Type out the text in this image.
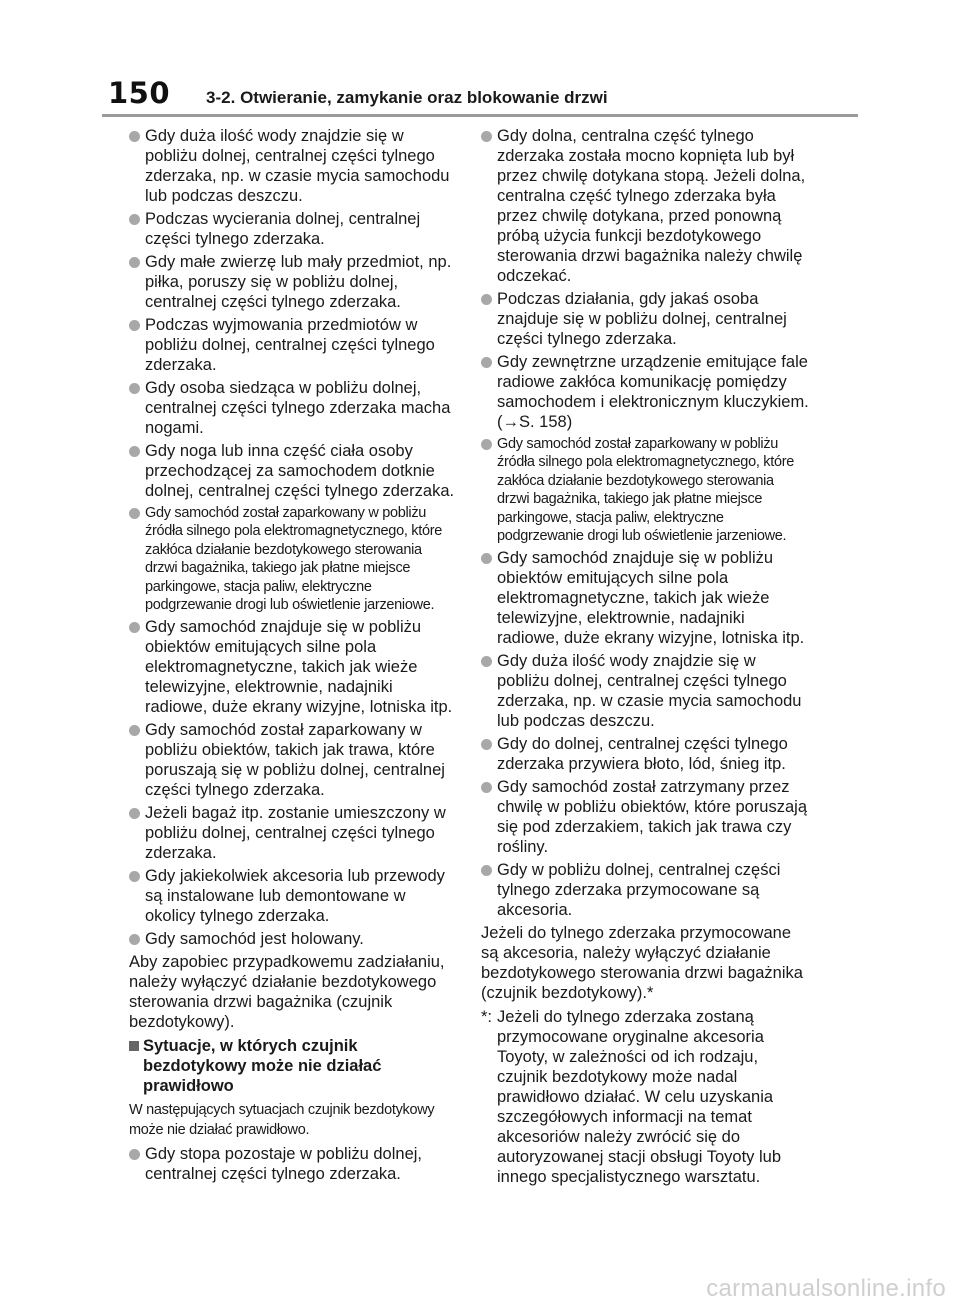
150 3-2. Otwieranie, zamykanie oraz blokowanie drzwi
Gdy duża ilość wody znajdzie się w pobliżu dolnej, centralnej części tylnego zderzaka, np. w czasie mycia samochodu lub podczas deszczu.
Podczas wycierania dolnej, centralnej części tylnego zderzaka.
Gdy małe zwierzę lub mały przedmiot, np. piłka, poruszy się w pobliżu dolnej, centralnej części tylnego zderzaka.
Podczas wyjmowania przedmiotów w pobliżu dolnej, centralnej części tylnego zderzaka.
Gdy osoba siedząca w pobliżu dolnej, centralnej części tylnego zderzaka macha nogami.
Gdy noga lub inna część ciała osoby przechodzącej za samochodem dotknie dolnej, centralnej części tylnego zderzaka.
Gdy samochód został zaparkowany w pobliżu źródła silnego pola elektromagnetycznego, które zakłóca działanie bezdotykowego sterowania drzwi bagażnika, takiego jak płatne miejsce parkingowe, stacja paliw, elektryczne podgrzewanie drogi lub oświetlenie jarzeniowe.
Gdy samochód znajduje się w pobliżu obiektów emitujących silne pola elektromagnetyczne, takich jak wieże telewizyjne, elektrownie, nadajniki radiowe, duże ekrany wizyjne, lotniska itp.
Gdy samochód został zaparkowany w pobliżu obiektów, takich jak trawa, które poruszają się w pobliżu dolnej, centralnej części tylnego zderzaka.
Jeżeli bagaż itp. zostanie umieszczony w pobliżu dolnej, centralnej części tylnego zderzaka.
Gdy jakiekolwiek akcesoria lub przewody są instalowane lub demontowane w okolicy tylnego zderzaka.
Gdy samochód jest holowany.
Aby zapobiec przypadkowemu zadziałaniu, należy wyłączyć działanie bezdotykowego sterowania drzwi bagażnika (czujnik bezdotykowy).
Sytuacje, w których czujnik bezdotykowy może nie działać prawidłowo
W następujących sytuacjach czujnik bezdotykowy może nie działać prawidłowo.
Gdy stopa pozostaje w pobliżu dolnej, centralnej części tylnego zderzaka.
Gdy dolna, centralna część tylnego zderzaka została mocno kopnięta lub był przez chwilę dotykana stopą. Jeżeli dolna, centralna część tylnego zderzaka była przez chwilę dotykana, przed ponowną próbą użycia funkcji bezdotykowego sterowania drzwi bagażnika należy chwilę odczekać.
Podczas działania, gdy jakaś osoba znajduje się w pobliżu dolnej, centralnej części tylnego zderzaka.
Gdy zewnętrzne urządzenie emitujące fale radiowe zakłóca komunikację pomiędzy samochodem i elektronicznym kluczykiem. (→S. 158)
Gdy samochód został zaparkowany w pobliżu źródła silnego pola elektromagnetycznego, które zakłóca działanie bezdotykowego sterowania drzwi bagażnika, takiego jak płatne miejsce parkingowe, stacja paliw, elektryczne podgrzewanie drogi lub oświetlenie jarzeniowe.
Gdy samochód znajduje się w pobliżu obiektów emitujących silne pola elektromagnetyczne, takich jak wieże telewizyjne, elektrownie, nadajniki radiowe, duże ekrany wizyjne, lotniska itp.
Gdy duża ilość wody znajdzie się w pobliżu dolnej, centralnej części tylnego zderzaka, np. w czasie mycia samochodu lub podczas deszczu.
Gdy do dolnej, centralnej części tylnego zderzaka przywiera błoto, lód, śnieg itp.
Gdy samochód został zatrzymany przez chwilę w pobliżu obiektów, które poruszają się pod zderzakiem, takich jak trawa czy rośliny.
Gdy w pobliżu dolnej, centralnej części tylnego zderzaka przymocowane są akcesoria.
Jeżeli do tylnego zderzaka przymocowane są akcesoria, należy wyłączyć działanie bezdotykowego sterowania drzwi bagażnika (czujnik bezdotykowy).*
*: Jeżeli do tylnego zderzaka zostaną przymocowane oryginalne akcesoria Toyoty, w zależności od ich rodzaju, czujnik bezdotykowy może nadal prawidłowo działać. W celu uzyskania szczegółowych informacji na temat akcesoriów należy zwrócić się do autoryzowanej stacji obsługi Toyoty lub innego specjalistycznego warsztatu.
carmanualsonline.info
